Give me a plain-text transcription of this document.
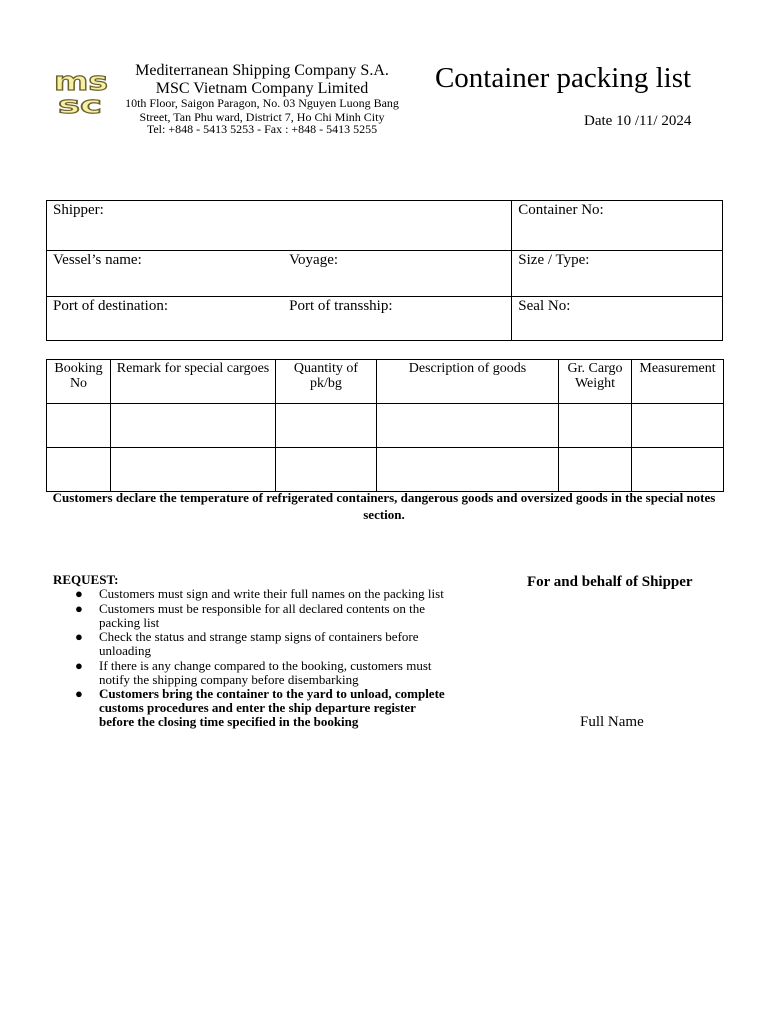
ms
sc
Mediterranean Shipping Company S.A.
MSC Vietnam Company Limited
10th Floor, Saigon Paragon, No. 03 Nguyen Luong Bang
Street, Tan Phu ward, District 7, Ho Chi Minh City
Tel: +848 - 5413 5253 - Fax : +848 - 5413 5255
Container packing list
Date 10 /11/ 2024
Shipper:		Container No:
Vessel’s name:	Voyage:	Size / Type:
Port of destination:	Port of transship:	Seal No:
Booking No	Remark for special cargoes	Quantity of pk/bg	Description of goods	Gr. Cargo Weight	Measurement

Customers declare the temperature of refrigerated containers, dangerous goods and oversized goods in the special notes section.
REQUEST:
● Customers must sign and write their full names on the packing list
● Customers must be responsible for all declared contents on the packing list
● Check the status and strange stamp signs of containers before unloading
● If there is any change compared to the booking, customers must notify the shipping company before disembarking
● Customers bring the container to the yard to unload, complete customs procedures and enter the ship departure register before the closing time specified in the booking
For and behalf of Shipper
Full Name
